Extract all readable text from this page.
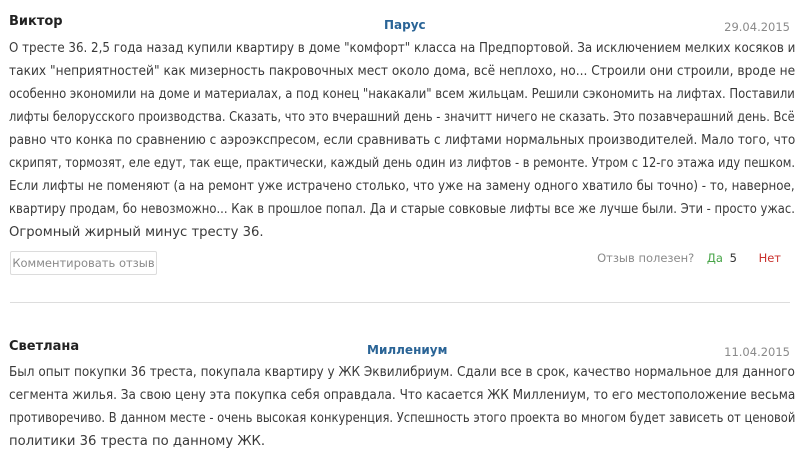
Виктор	Парус	29.04.2015
О тресте 36. 2,5 года назад купили квартиру в доме "комфорт" класса на Предпортовой. За исключением мелких косяков и
таких "неприятностей" как мизерность пакровочных мест около дома, всё неплохо, но... Строили они строили, вроде не
особенно экономили на доме и материалах, а под конец "накакали" всем жильцам. Решили сэкономить на лифтах. Поставили
лифты белорусского производства. Сказать, что это вчерашний день - значитт ничего не сказать. Это позавчерашний день. Всё
равно что конка по сравнению с аэроэкспресом, если сравнивать с лифтами нормальных производителей. Мало того, что
скрипят, тормозят, еле едут, так еще, практически, каждый день один из лифтов - в ремонте. Утром с 12-го этажа иду пешком.
Если лифты не поменяют (а на ремонт уже истрачено столько, что уже на замену одного хватило бы точно) - то, наверное,
квартиру продам, бо невозможно... Как в прошлое попал. Да и старые совковые лифты все же лучше были. Эти - просто ужас.
Огромный жирный минус тресту 36.
Комментировать отзыв	Отзыв полезен? Да 5 Нет
Светлана	Миллениум	11.04.2015
Был опыт покупки 36 треста, покупала квартиру у ЖК Эквилибриум. Сдали все в срок, качество нормальное для данного
сегмента жилья. За свою цену эта покупка себя оправдала. Что касается ЖК Миллениум, то его местоположение весьма
противоречиво. В данном месте - очень высокая конкуренция. Успешность этого проекта во многом будет зависеть от ценовой
политики 36 треста по данному ЖК.
